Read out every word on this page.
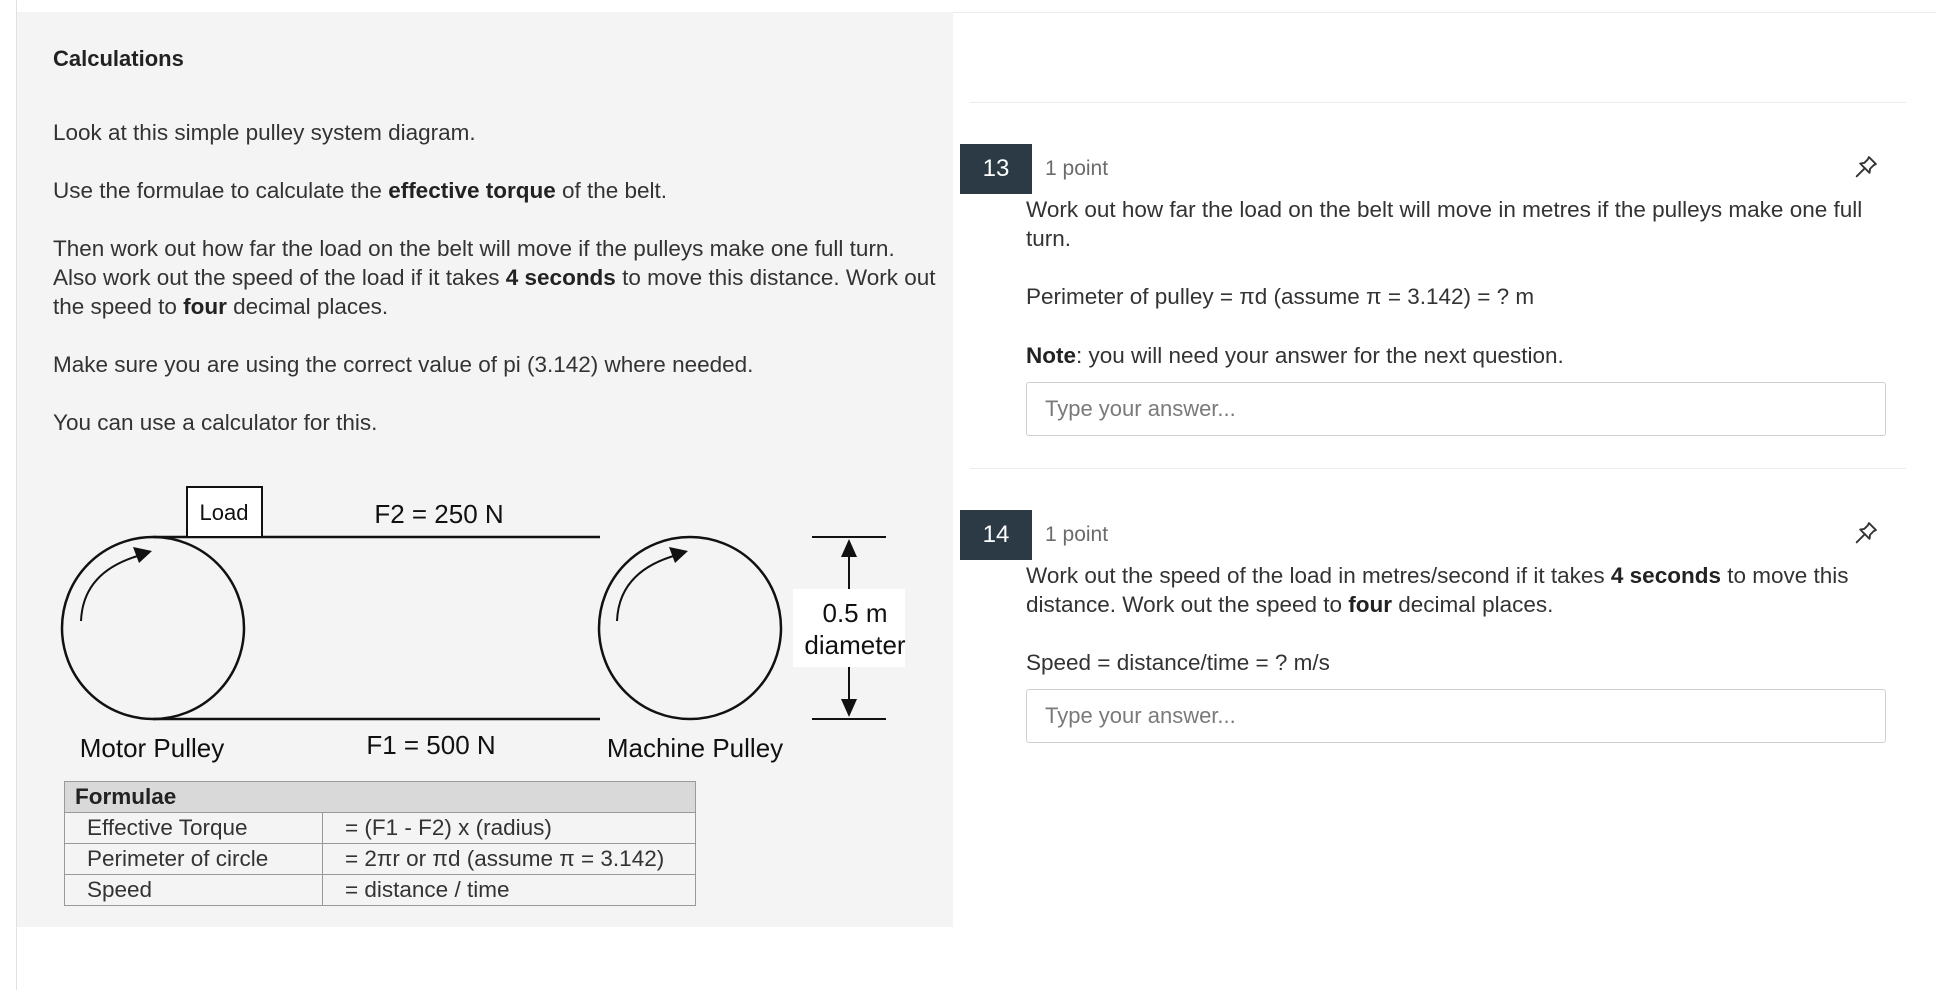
Calculations
Look at this simple pulley system diagram.
Use the formulae to calculate the effective torque of the belt.
Then work out how far the load on the belt will move if the pulleys make one full turn. Also work out the speed of the load if it takes 4 seconds to move this distance. Work out the speed to four decimal places.
Make sure you are using the correct value of pi (3.142) where needed.
You can use a calculator for this.
Load	F2 = 250 N
F1 = 500 N
Motor Pulley	Machine Pulley
0.5 m
diameter
Formulae	
Effective Torque	= (F1 - F2) x (radius)
Perimeter of circle	= 2πr or πd (assume π = 3.142)
Speed	= distance / time
13	1 point
Work out how far the load on the belt will move in metres if the pulleys make one full turn.
Perimeter of pulley = πd (assume π = 3.142) = ? m
Note: you will need your answer for the next question.
Type your answer...
14	1 point
Work out the speed of the load in metres/second if it takes 4 seconds to move this distance. Work out the speed to four decimal places.
Speed = distance/time = ? m/s
Type your answer...
